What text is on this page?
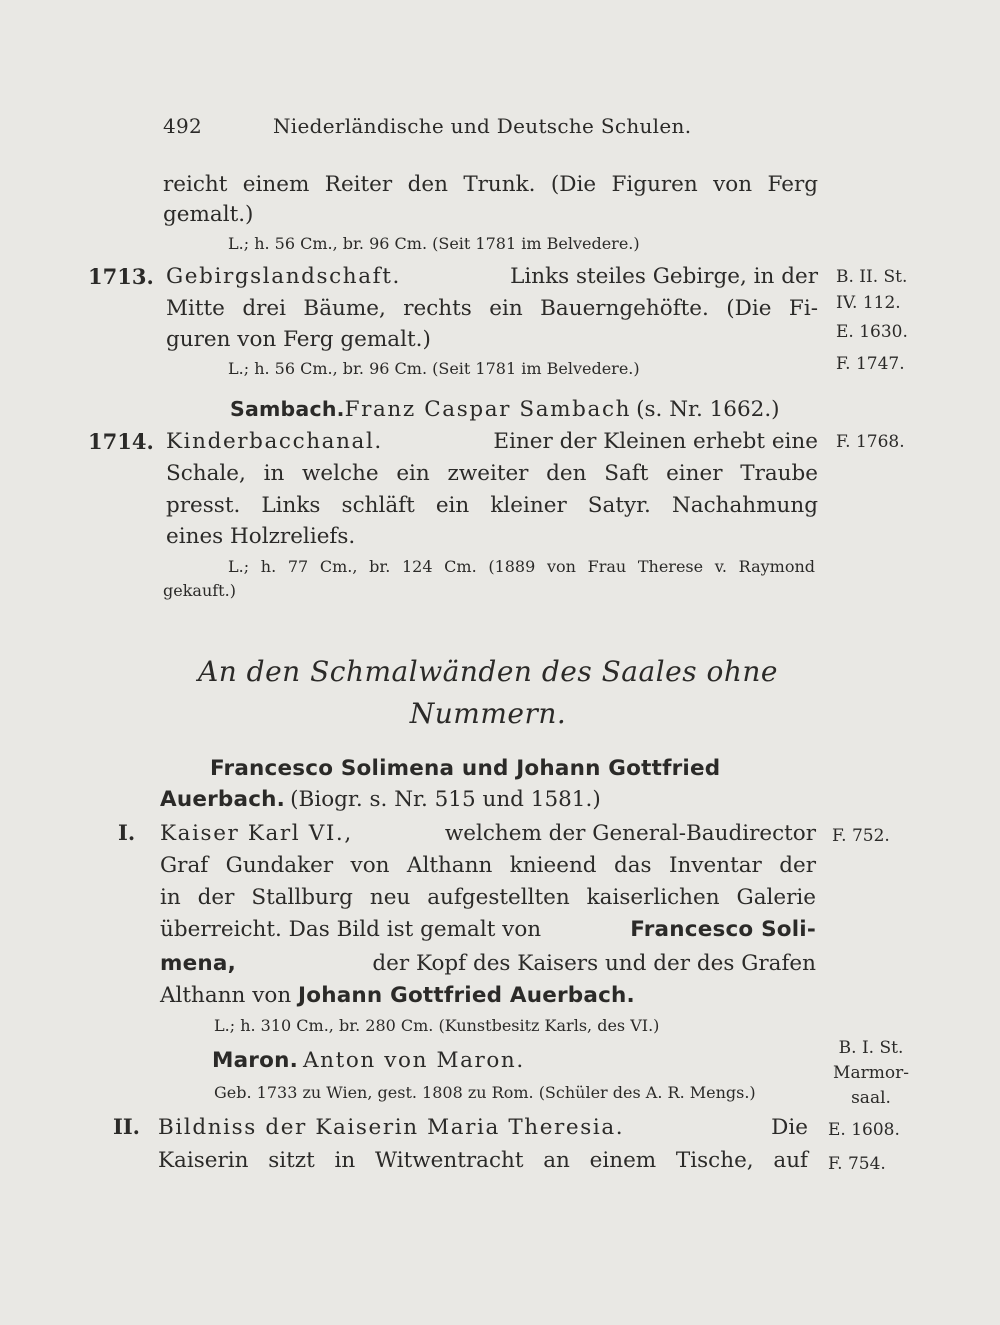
492	Niederländische und Deutsche Schulen.
reicht einem Reiter den Trunk. (Die Figuren von Ferg
gemalt.)
L.; h. 56 Cm., br. 96 Cm. (Seit 1781 im Belvedere.)
1713. Gebirgslandschaft.	Links steiles Gebirge, in der
Mitte drei Bäume, rechts ein Bauerngehöfte. (Die Fi-
guren von Ferg gemalt.)
L.; h. 56 Cm., br. 96 Cm. (Seit 1781 im Belvedere.)
B. II. St.
IV. 112.
E. 1630.
F. 1747.
Sambach.Franz Caspar Sambach (s. Nr. 1662.)
1714. Kinderbacchanal.	Einer der Kleinen erhebt eine
Schale, in welche ein zweiter den Saft einer Traube
presst. Links schläft ein kleiner Satyr. Nachahmung
eines Holzreliefs.
L.; h. 77 Cm., br. 124 Cm. (1889 von Frau Therese v. Raymond
gekauft.)
F. 1768.
An den Schmalwänden des Saales ohne
Nummern.
Francesco Solimena und Johann Gottfried
Auerbach. (Biogr. s. Nr. 515 und 1581.)
I. Kaiser Karl VI.,	welchem der General-Baudirector
Graf Gundaker von Althann knieend das Inventar der
in der Stallburg neu aufgestellten kaiserlichen Galerie
überreicht. Das Bild ist gemalt von	Francesco Soli-
mena,	der Kopf des Kaisers und der des Grafen
Althann von Johann Gottfried Auerbach.
L.; h. 310 Cm., br. 280 Cm. (Kunstbesitz Karls, des VI.)
F. 752.
Maron. Anton von Maron.
Geb. 1733 zu Wien, gest. 1808 zu Rom. (Schüler des A. R. Mengs.)
B. I. St.
Marmor-
saal.
II. Bildniss der Kaiserin Maria Theresia.	Die
Kaiserin sitzt in Witwentracht an einem Tische, auf
E. 1608.
F. 754.
